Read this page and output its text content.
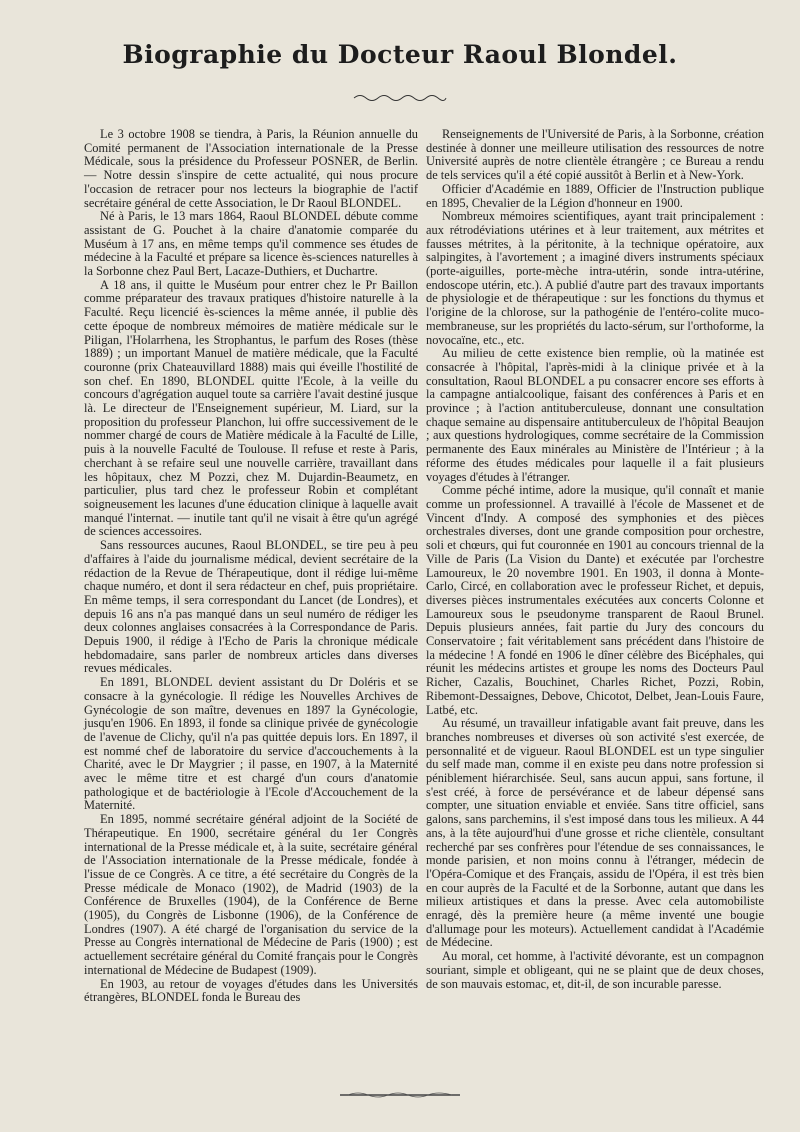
Biographie du Docteur Raoul Blondel.

Le 3 octobre 1908 se tiendra, à Paris, la Réunion annuelle du Comité permanent de l'Association internationale de la Presse Médicale, sous la présidence du Professeur POSNER, de Berlin. — Notre dessin s'inspire de cette actualité, qui nous procure l'occasion de retracer pour nos lecteurs la biographie de l'actif secrétaire général de cette Association, le Dr Raoul BLONDEL.

Né à Paris, le 13 mars 1864, Raoul BLONDEL débute comme assistant de G. Pouchet à la chaire d'anatomie comparée du Muséum à 17 ans, en même temps qu'il commence ses études de médecine à la Faculté et prépare sa licence ès-sciences naturelles à la Sorbonne chez Paul Bert, Lacaze-Duthiers, et Duchartre.

A 18 ans, il quitte le Muséum pour entrer chez le Pr Baillon comme préparateur des travaux pratiques d'histoire naturelle à la Faculté. Reçu licencié ès-sciences la même année, il publie dès cette époque de nombreux mémoires de matière médicale sur le Piligan, l'Holarrhena, les Strophantus, le parfum des Roses (thèse 1889) ; un important Manuel de matière médicale, que la Faculté couronne (prix Chateauvillard 1888) mais qui éveille l'hostilité de son chef. En 1890, BLONDEL quitte l'Ecole, à la veille du concours d'agrégation auquel toute sa carrière l'avait destiné jusque là. Le directeur de l'Enseignement supérieur, M. Liard, sur la proposition du professeur Planchon, lui offre successivement de le nommer chargé de cours de Matière médicale à la Faculté de Lille, puis à la nouvelle Faculté de Toulouse. Il refuse et reste à Paris, cherchant à se refaire seul une nouvelle carrière, travaillant dans les hôpitaux, chez M Pozzi, chez M. Dujardin-Beaumetz, en particulier, plus tard chez le professeur Robin et complétant soigneusement les lacunes d'une éducation clinique à laquelle avait manqué l'internat. — inutile tant qu'il ne visait à être qu'un agrégé de sciences accessoires.

Sans ressources aucunes, Raoul BLONDEL, se tire peu à peu d'affaires à l'aide du journalisme médical, devient secrétaire de la rédaction de la Revue de Thérapeutique, dont il rédige lui-même chaque numéro, et dont il sera rédacteur en chef, puis propriétaire. En même temps, il sera correspondant du Lancet (de Londres), et depuis 16 ans n'a pas manqué dans un seul numéro de rédiger les deux colonnes anglaises consacrées à la Correspondance de Paris. Depuis 1900, il rédige à l'Echo de Paris la chronique médicale hebdomadaire, sans parler de nombreux articles dans diverses revues médicales.

En 1891, BLONDEL devient assistant du Dr Doléris et se consacre à la gynécologie. Il rédige les Nouvelles Archives de Gynécologie de son maître, devenues en 1897 la Gynécologie, jusqu'en 1906. En 1893, il fonde sa clinique privée de gynécologie de l'avenue de Clichy, qu'il n'a pas quittée depuis lors. En 1897, il est nommé chef de laboratoire du service d'accouchements à la Charité, avec le Dr Maygrier ; il passe, en 1907, à la Maternité avec le même titre et est chargé d'un cours d'anatomie pathologique et de bactériologie à l'Ecole d'Accouchement de la Maternité.

En 1895, nommé secrétaire général adjoint de la Société de Thérapeutique. En 1900, secrétaire général du 1er Congrès international de la Presse médicale et, à la suite, secrétaire général de l'Association internationale de la Presse médicale, fondée à l'issue de ce Congrès. A ce titre, a été secrétaire du Congrès de la Presse médicale de Monaco (1902), de Madrid (1903) de la Conférence de Bruxelles (1904), de la Conférence de Berne (1905), du Congrès de Lisbonne (1906), de la Conférence de Londres (1907). A été chargé de l'organisation du service de la Presse au Congrès international de Médecine de Paris (1900) ; est actuellement secrétaire général du Comité français pour le Congrès international de Médecine de Budapest (1909).

En 1903, au retour de voyages d'études dans les Universités étrangères, BLONDEL fonda le Bureau des

Renseignements de l'Université de Paris, à la Sorbonne, création destinée à donner une meilleure utilisation des ressources de notre Université auprès de notre clientèle étrangère ; ce Bureau a rendu de tels services qu'il a été copié aussitôt à Berlin et à New-York.

Officier d'Académie en 1889, Officier de l'Instruction publique en 1895, Chevalier de la Légion d'honneur en 1900.

Nombreux mémoires scientifiques, ayant trait principalement : aux rétrodéviations utérines et à leur traitement, aux métrites et fausses métrites, à la péritonite, à la technique opératoire, aux salpingites, à l'avortement ; a imaginé divers instruments spéciaux (porte-aiguilles, porte-mèche intra-utérin, sonde intra-utérine, endoscope utérin, etc.). A publié d'autre part des travaux importants de physiologie et de thérapeutique : sur les fonctions du thymus et l'origine de la chlorose, sur la pathogénie de l'entéro-colite muco-membraneuse, sur les propriétés du lacto-sérum, sur l'orthoforme, la novocaïne, etc., etc.

Au milieu de cette existence bien remplie, où la matinée est consacrée à l'hôpital, l'après-midi à la clinique privée et à la consultation, Raoul BLONDEL a pu consacrer encore ses efforts à la campagne antialcoolique, faisant des conférences à Paris et en province ; à l'action antituberculeuse, donnant une consultation chaque semaine au dispensaire antituberculeux de l'hôpital Beaujon ; aux questions hydrologiques, comme secrétaire de la Commission permanente des Eaux minérales au Ministère de l'Intérieur ; à la réforme des études médicales pour laquelle il a fait plusieurs voyages d'études à l'étranger.

Comme péché intime, adore la musique, qu'il connaît et manie comme un professionnel. A travaillé à l'école de Massenet et de Vincent d'Indy. A composé des symphonies et des pièces orchestrales diverses, dont une grande composition pour orchestre, soli et chœurs, qui fut couronnée en 1901 au concours triennal de la Ville de Paris (La Vision du Dante) et exécutée par l'orchestre Lamoureux, le 20 novembre 1901. En 1903, il donna à Monte-Carlo, Circé, en collaboration avec le professeur Richet, et depuis, diverses pièces instrumentales exécutées aux concerts Colonne et Lamoureux sous le pseudonyme transparent de Raoul Brunel. Depuis plusieurs années, fait partie du Jury des concours du Conservatoire ; fait véritablement sans précédent dans l'histoire de la médecine ! A fondé en 1906 le dîner célèbre des Bicéphales, qui réunit les médecins artistes et groupe les noms des Docteurs Paul Richer, Cazalis, Bouchinet, Charles Richet, Pozzi, Robin, Ribemont-Dessaignes, Debove, Chicotot, Delbet, Jean-Louis Faure, Latbé, etc.

Au résumé, un travailleur infatigable avant fait preuve, dans les branches nombreuses et diverses où son activité s'est exercée, de personnalité et de vigueur. Raoul BLONDEL est un type singulier du self made man, comme il en existe peu dans notre profession si péniblement hiérarchisée. Seul, sans aucun appui, sans fortune, il s'est créé, à force de persévérance et de labeur dépensé sans compter, une situation enviable et enviée. Sans titre officiel, sans galons, sans parchemins, il s'est imposé dans tous les milieux. A 44 ans, à la tête aujourd'hui d'une grosse et riche clientèle, consultant recherché par ses confrères pour l'étendue de ses connaissances, le monde parisien, et non moins connu à l'étranger, médecin de l'Opéra-Comique et des Français, assidu de l'Opéra, il est très bien en cour auprès de la Faculté et de la Sorbonne, autant que dans les milieux artistiques et dans la presse. Avec cela automobiliste enragé, dès la première heure (a même inventé une bougie d'allumage pour les moteurs). Actuellement candidat à l'Académie de Médecine.

Au moral, cet homme, à l'activité dévorante, est un compagnon souriant, simple et obligeant, qui ne se plaint que de deux choses, de son mauvais estomac, et, dit-il, de son incurable paresse.
